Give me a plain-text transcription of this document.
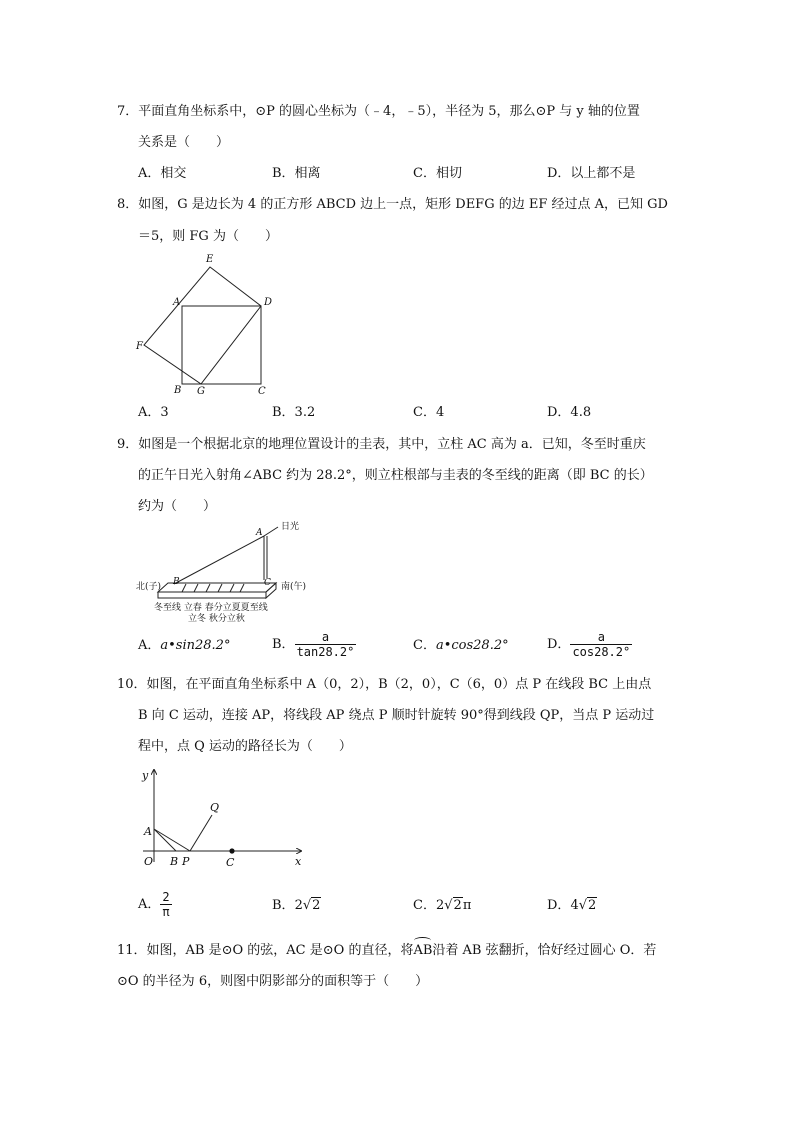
7．平面直角坐标系中，⊙P 的圆心坐标为（﹣4，﹣5），半径为 5，那么⊙P 与 y 轴的位置
关系是（　　）
A．相交	B．相离	C．相切	D．以上都不是
8．如图，G 是边长为 4 的正方形 ABCD 边上一点，矩形 DEFG 的边 EF 经过点 A，已知 GD
＝5，则 FG 为（　　）
E
A	D
F
B G	C
A．3	B．3.2	C．4	D．4.8
9．如图是一个根据北京的地理位置设计的圭表，其中，立柱 AC 高为 a．已知，冬至时重庆
的正午日光入射角∠ABC 约为 28.2°，则立柱根部与圭表的冬至线的距离（即 BC 的长）
约为（　　）
日光
A
B	C
北(子)	南(午)
冬至线 立春 春分立夏夏至线
立冬 秋分立秋
A．a•sin28.2°	B． $\frac{a}{\tan 28.2^\circ}$	C．a•cos28.2°	D． $\frac{a}{\cos 28.2^\circ}$
10．如图，在平面直角坐标系中 A（0，2），B（2，0），C（6，0）点 P 在线段 BC 上由点
B 向 C 运动，连接 AP，将线段 AP 绕点 P 顺时针旋转 90°得到线段 QP，当点 P 运动过
程中，点 Q 运动的路径长为（　　）
y
x
Q
A
O B P	C
A． $\frac{2}{\pi}$	B．2√2	C．2√2π	D．4√2
11．如图，AB 是⊙O 的弦，AC 是⊙O 的直径，将AB沿着 AB 弦翻折，恰好经过圆心 O．若
⊙O 的半径为 6，则图中阴影部分的面积等于（　　）
